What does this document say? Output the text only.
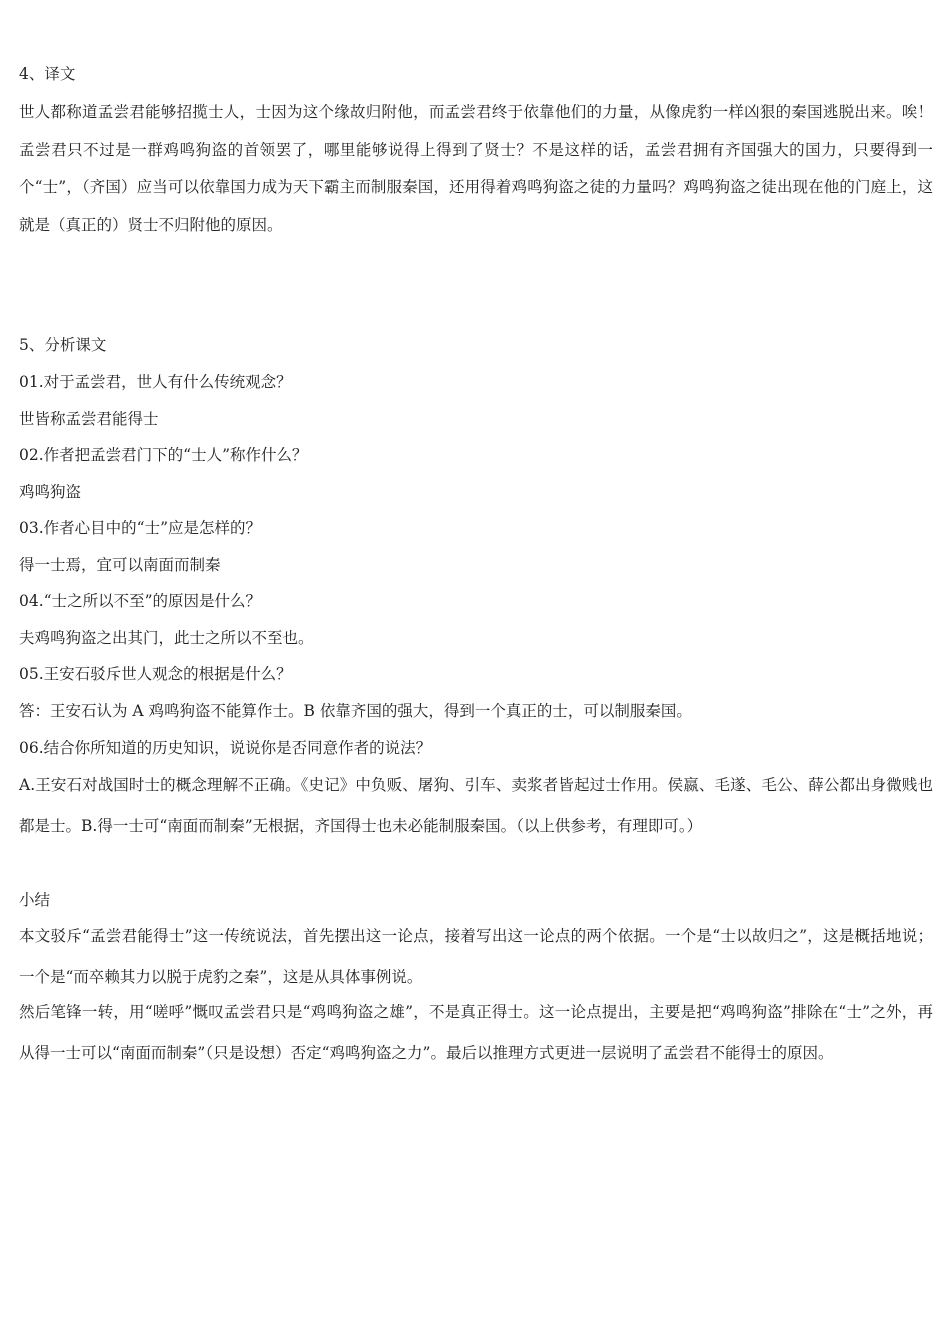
4、译文
世人都称道孟尝君能够招揽士人，士因为这个缘故归附他，而孟尝君终于依靠他们的力量，从像虎豹一样凶狠的秦国逃脱出来。唉！孟尝君只不过是一群鸡鸣狗盗的首领罢了，哪里能够说得上得到了贤士？不是这样的话，孟尝君拥有齐国强大的国力，只要得到一个“士”，（齐国）应当可以依靠国力成为天下霸主而制服秦国，还用得着鸡鸣狗盗之徒的力量吗？鸡鸣狗盗之徒出现在他的门庭上，这就是（真正的）贤士不归附他的原因。
5、分析课文
01.对于孟尝君，世人有什么传统观念？
世皆称孟尝君能得士
02.作者把孟尝君门下的“士人”称作什么？
鸡鸣狗盗
03.作者心目中的“士”应是怎样的？
得一士焉，宜可以南面而制秦
04.“士之所以不至”的原因是什么？
夫鸡鸣狗盗之出其门，此士之所以不至也。
05.王安石驳斥世人观念的根据是什么？
答：王安石认为 A 鸡鸣狗盗不能算作士。B 依靠齐国的强大，得到一个真正的士，可以制服秦国。
06.结合你所知道的历史知识，说说你是否同意作者的说法？
A.王安石对战国时士的概念理解不正确。《史记》中负贩、屠狗、引车、卖浆者皆起过士作用。侯嬴、毛遂、毛公、薛公都出身微贱也都是士。B.得一士可“南面而制秦”无根据，齐国得士也未必能制服秦国。（以上供参考，有理即可。）
小结
本文驳斥“孟尝君能得士”这一传统说法，首先摆出这一论点，接着写出这一论点的两个依据。一个是“士以故归之”，这是概括地说；一个是“而卒赖其力以脱于虎豹之秦”，这是从具体事例说。
然后笔锋一转，用“嗟呼”慨叹孟尝君只是“鸡鸣狗盗之雄”，不是真正得士。这一论点提出，主要是把“鸡鸣狗盗”排除在“士”之外，再从得一士可以“南面而制秦”（只是设想）否定“鸡鸣狗盗之力”。最后以推理方式更进一层说明了孟尝君不能得士的原因。
